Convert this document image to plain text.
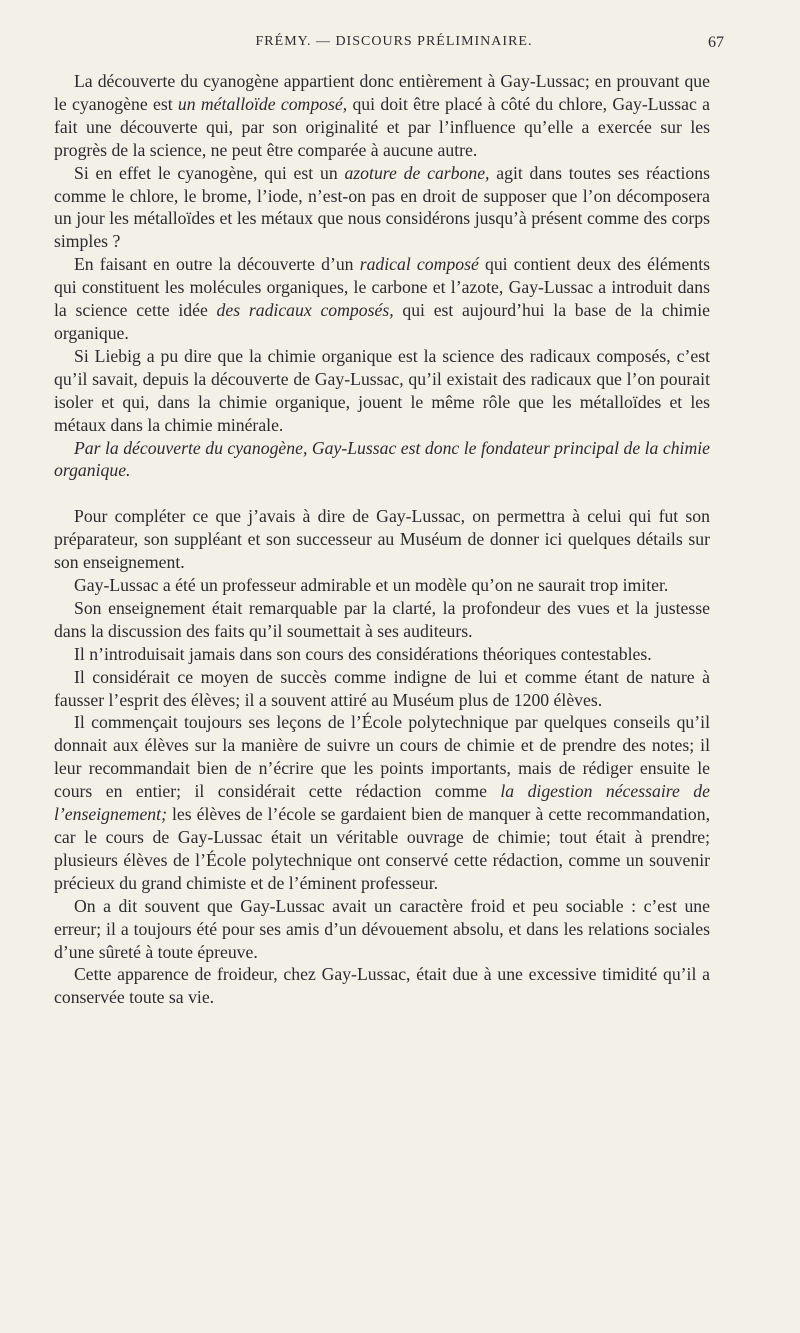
FRÉMY. — DISCOURS PRÉLIMINAIRE.	67

La découverte du cyanogène appartient donc entièrement à Gay-Lussac; en prouvant que le cyanogène est un métalloïde composé, qui doit être placé à côté du chlore, Gay-Lussac a fait une découverte qui, par son originalité et par l’influence qu’elle a exercée sur les progrès de la science, ne peut être comparée à aucune autre.

Si en effet le cyanogène, qui est un azoture de carbone, agit dans toutes ses réactions comme le chlore, le brome, l’iode, n’est-on pas en droit de supposer que l’on décomposera un jour les métalloïdes et les métaux que nous considérons jusqu’à présent comme des corps simples ?

En faisant en outre la découverte d’un radical composé qui contient deux des éléments qui constituent les molécules organiques, le carbone et l’azote, Gay-Lussac a introduit dans la science cette idée des radicaux composés, qui est aujourd’hui la base de la chimie organique.

Si Liebig a pu dire que la chimie organique est la science des radicaux composés, c’est qu’il savait, depuis la découverte de Gay-Lussac, qu’il existait des radicaux que l’on pourait isoler et qui, dans la chimie organique, jouent le même rôle que les métalloïdes et les métaux dans la chimie minérale.

Par la découverte du cyanogène, Gay-Lussac est donc le fondateur principal de la chimie organique.

Pour compléter ce que j’avais à dire de Gay-Lussac, on permettra à celui qui fut son préparateur, son suppléant et son successeur au Muséum de donner ici quelques détails sur son enseignement.

Gay-Lussac a été un professeur admirable et un modèle qu’on ne saurait trop imiter.

Son enseignement était remarquable par la clarté, la profondeur des vues et la justesse dans la discussion des faits qu’il soumettait à ses auditeurs.

Il n’introduisait jamais dans son cours des considérations théoriques contestables.

Il considérait ce moyen de succès comme indigne de lui et comme étant de nature à fausser l’esprit des élèves; il a souvent attiré au Muséum plus de 1200 élèves.

Il commençait toujours ses leçons de l’École polytechnique par quelques conseils qu’il donnait aux élèves sur la manière de suivre un cours de chimie et de prendre des notes; il leur recommandait bien de n’écrire que les points importants, mais de rédiger ensuite le cours en entier; il considérait cette rédaction comme la digestion nécessaire de l’enseignement; les élèves de l’école se gardaient bien de manquer à cette recommandation, car le cours de Gay-Lussac était un véritable ouvrage de chimie; tout était à prendre; plusieurs élèves de l’École polytechnique ont conservé cette rédaction, comme un souvenir précieux du grand chimiste et de l’éminent professeur.

On a dit souvent que Gay-Lussac avait un caractère froid et peu sociable : c’est une erreur; il a toujours été pour ses amis d’un dévouement absolu, et dans les relations sociales d’une sûreté à toute épreuve.

Cette apparence de froideur, chez Gay-Lussac, était due à une excessive timidité qu’il a conservée toute sa vie.
